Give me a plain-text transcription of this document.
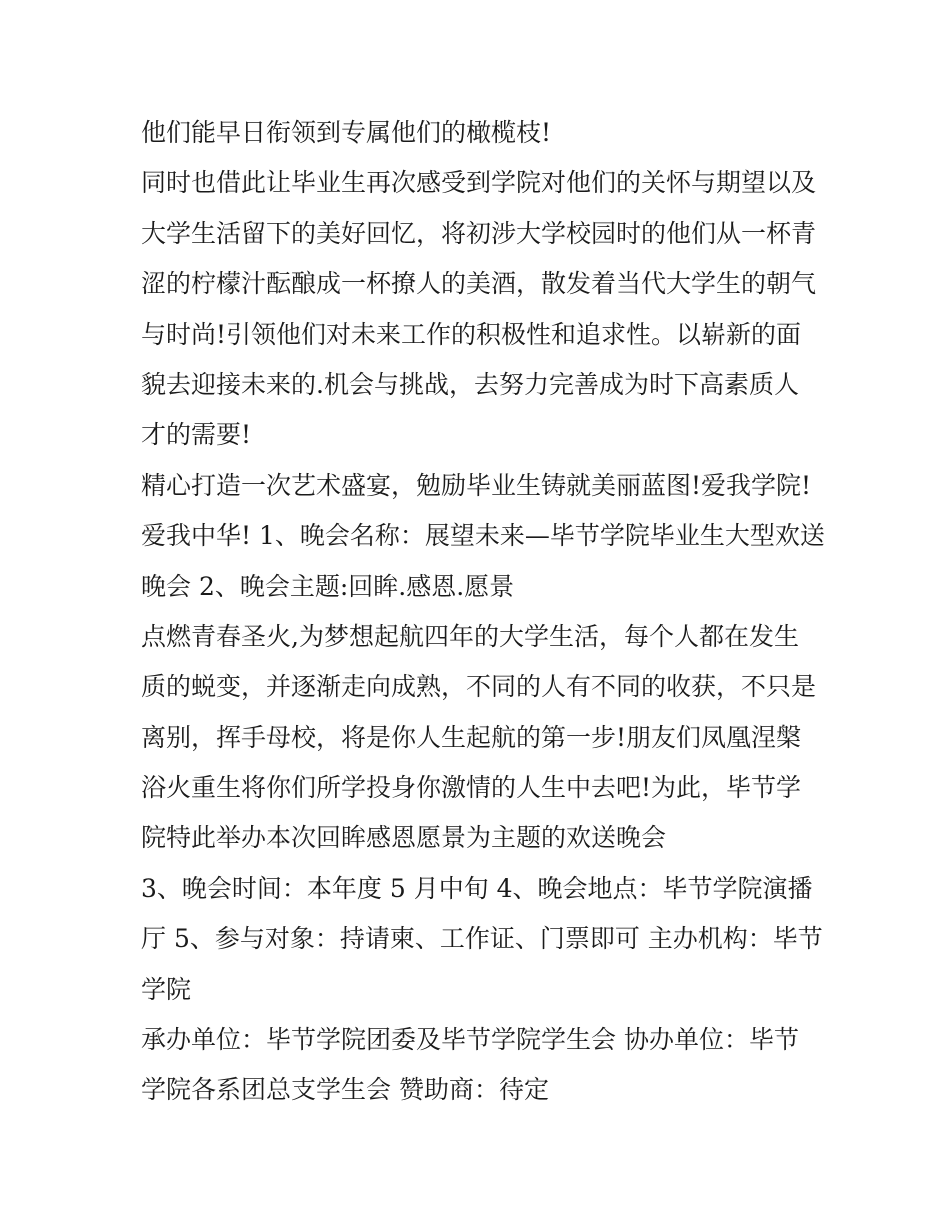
他们能早日衔领到专属他们的橄榄枝!
同时也借此让毕业生再次感受到学院对他们的关怀与期望以及
大学生活留下的美好回忆，将初涉大学校园时的他们从一杯青
涩的柠檬汁酝酿成一杯撩人的美酒，散发着当代大学生的朝气
与时尚!引领他们对未来工作的积极性和追求性。以崭新的面
貌去迎接未来的.机会与挑战，去努力完善成为时下高素质人
才的需要!
精心打造一次艺术盛宴，勉励毕业生铸就美丽蓝图!爱我学院!
爱我中华! 1、晚会名称：展望未来—毕节学院毕业生大型欢送
晚会 2、晚会主题:回眸.感恩.愿景
点燃青春圣火,为梦想起航四年的大学生活，每个人都在发生
质的蜕变，并逐渐走向成熟，不同的人有不同的收获，不只是
离别，挥手母校，将是你人生起航的第一步!朋友们凤凰涅槃
浴火重生将你们所学投身你激情的人生中去吧!为此，毕节学
院特此举办本次回眸感恩愿景为主题的欢送晚会
3、晚会时间：本年度 5 月中旬 4、晚会地点：毕节学院演播
厅 5、参与对象：持请柬、工作证、门票即可 主办机构：毕节
学院
承办单位：毕节学院团委及毕节学院学生会 协办单位：毕节
学院各系团总支学生会 赞助商：待定
